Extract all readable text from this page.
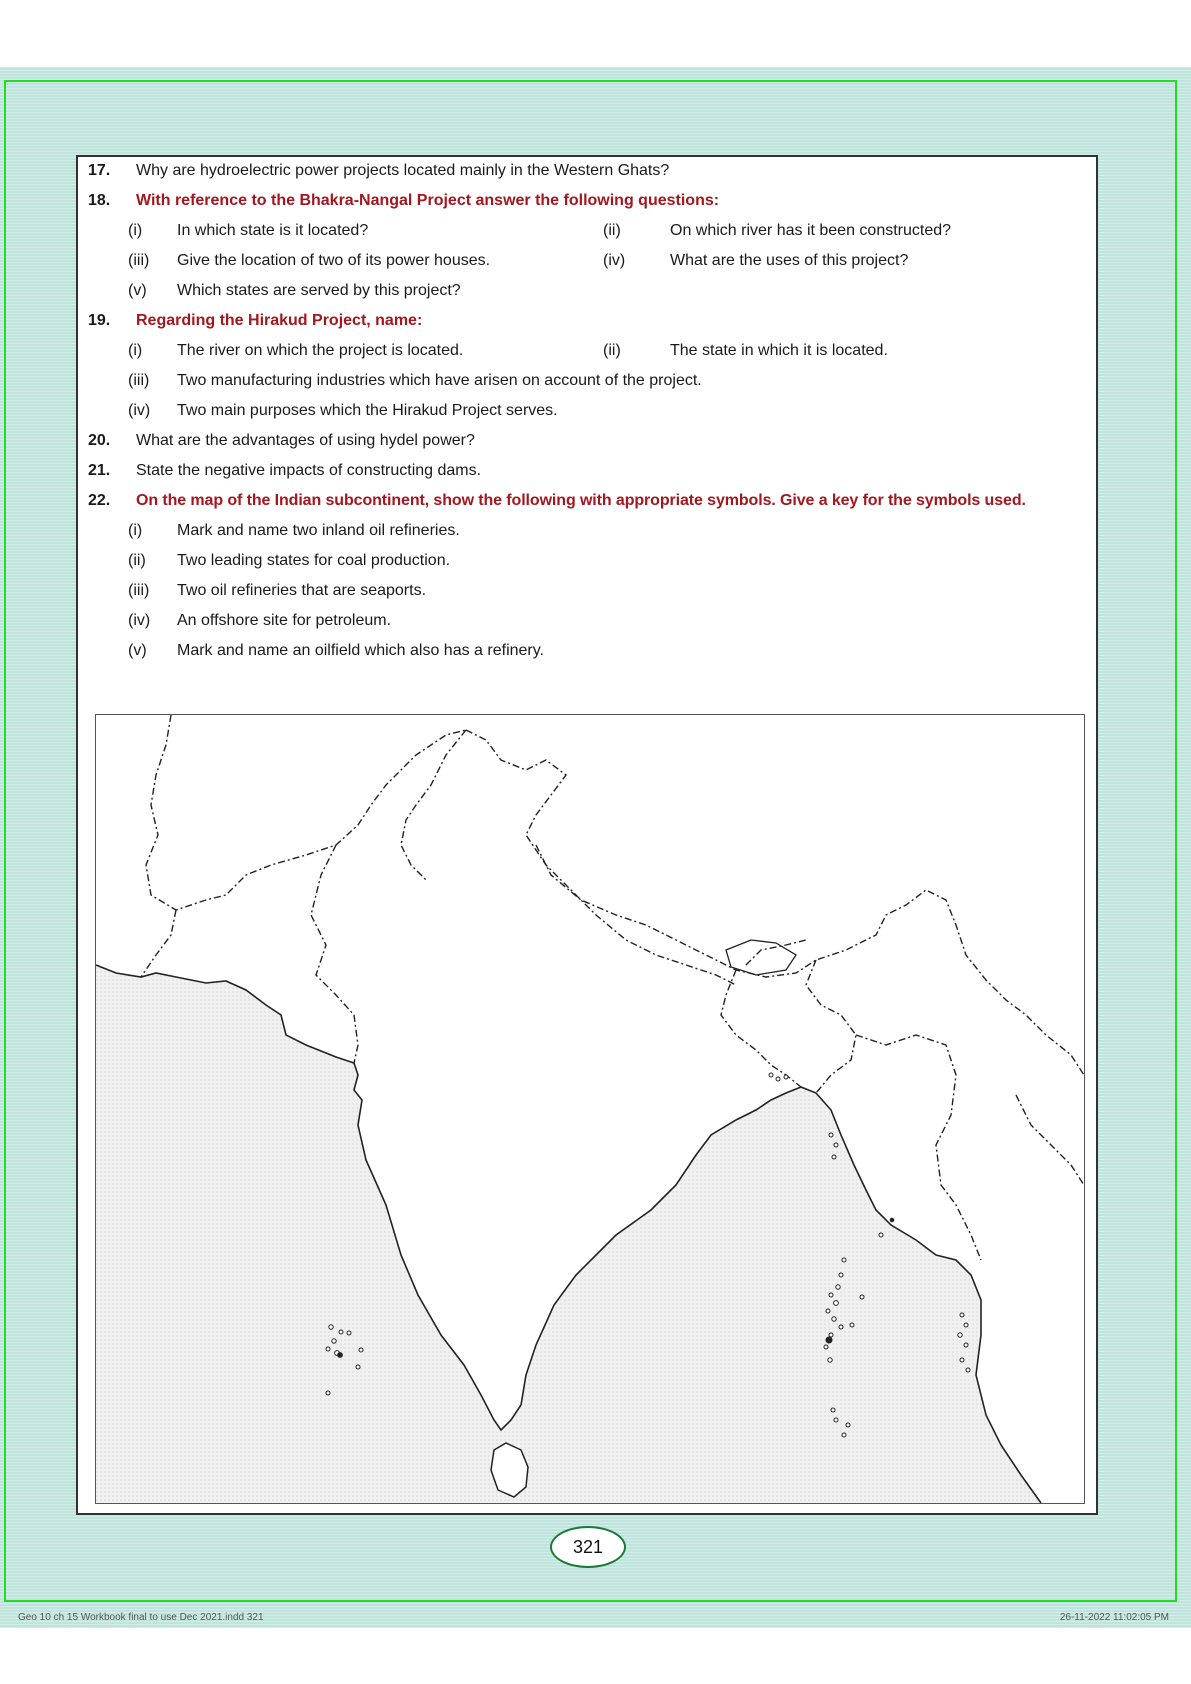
17. Why are hydroelectric power projects located mainly in the Western Ghats?
18. With reference to the Bhakra-Nangal Project answer the following questions:
(i) In which state is it located?	(ii)	On which river has it been constructed?
(iii) Give the location of two of its power houses.	(iv)	What are the uses of this project?
(v) Which states are served by this project?
19. Regarding the Hirakud Project, name:
(i) The river on which the project is located.	(ii)	The state in which it is located.
(iii) Two manufacturing industries which have arisen on account of the project.
(iv) Two main purposes which the Hirakud Project serves.
20. What are the advantages of using hydel power?
21. State the negative impacts of constructing dams.
22. On the map of the Indian subcontinent, show the following with appropriate symbols. Give a key for the symbols used.
(i) Mark and name two inland oil refineries.
(ii) Two leading states for coal production.
(iii) Two oil refineries that are seaports.
(iv) An offshore site for petroleum.
(v) Mark and name an oilfield which also has a refinery.
321
Geo 10 ch 15 Workbook final to use Dec 2021.indd 321	26-11-2022 11:02:05 PM
